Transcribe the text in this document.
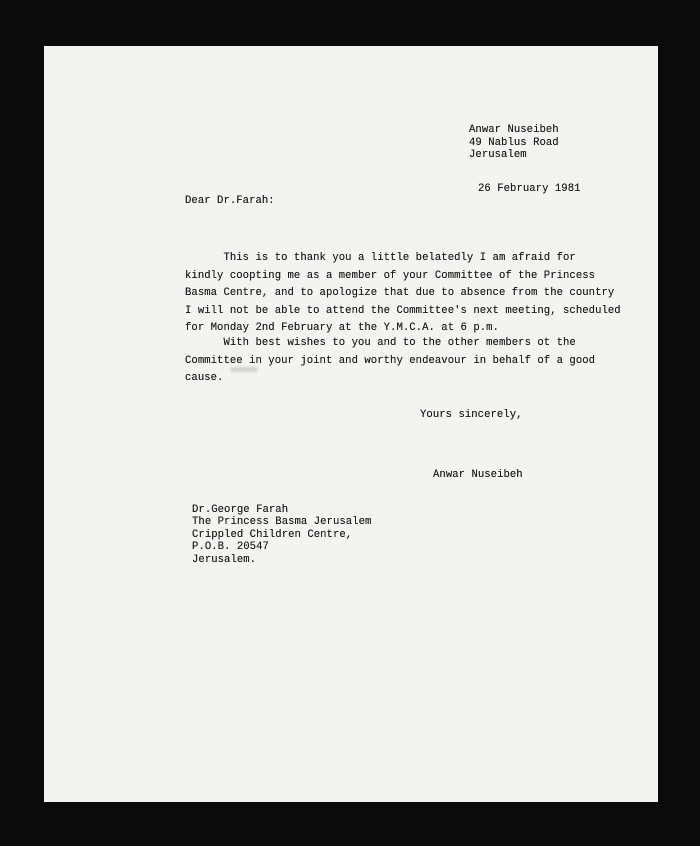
Anwar Nuseibeh
49 Nablus Road
Jerusalem
26 February 1981
Dear Dr.Farah:
This is to thank you a little belatedly I am afraid for
kindly coopting me as a member of your Committee of the Princess
Basma Centre, and to apologize that due to absence from the country
I will not be able to attend the Committee's next meeting, scheduled
for Monday 2nd February at the Y.M.C.A. at 6 p.m.
With best wishes to you and to the other members ot the
Committee in your joint and worthy endeavour in behalf of a good
cause.
Yours sincerely,
Anwar Nuseibeh
Dr.George Farah
The Princess Basma Jerusalem
Crippled Children Centre,
P.O.B. 20547
Jerusalem.
